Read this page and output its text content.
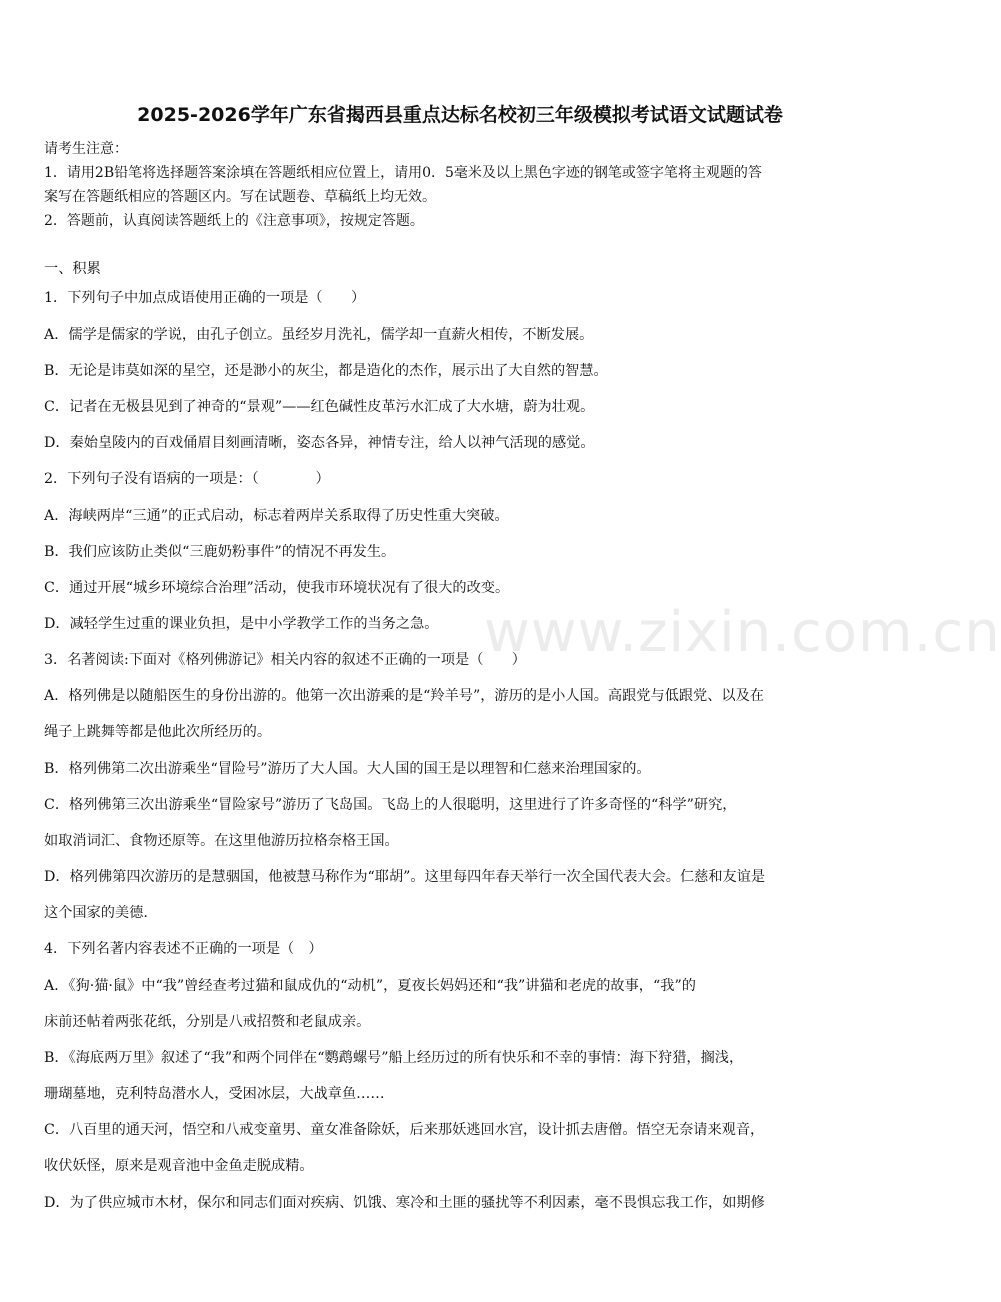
2025-2026学年广东省揭西县重点达标名校初三年级模拟考试语文试题试卷
请考生注意：
1．请用2B铅笔将选择题答案涂填在答题纸相应位置上，请用0．5毫米及以上黑色字迹的钢笔或签字笔将主观题的答
案写在答题纸相应的答题区内。写在试题卷、草稿纸上均无效。
2．答题前，认真阅读答题纸上的《注意事项》，按规定答题。
一、积累
1．下列句子中加点成语使用正确的一项是（　　）
A．儒学是儒家的学说，由孔子创立。虽经岁月洗礼，儒学却一直薪火相传，不断发展。
B．无论是讳莫如深的星空，还是渺小的灰尘，都是造化的杰作，展示出了大自然的智慧。
C．记者在无极县见到了神奇的“景观”——红色碱性皮革污水汇成了大水塘，蔚为壮观。
D．秦始皇陵内的百戏俑眉目刻画清晰，姿态各异，神情专注，给人以神气活现的感觉。
2．下列句子没有语病的一项是：（　　　　）
A．海峡两岸“三通”的正式启动，标志着两岸关系取得了历史性重大突破。
B．我们应该防止类似“三鹿奶粉事件”的情况不再发生。
C．通过开展“城乡环境综合治理”活动，使我市环境状况有了很大的改变。
D．减轻学生过重的课业负担，是中小学教学工作的当务之急。
3．名著阅读:下面对《格列佛游记》相关内容的叙述不正确的一项是（　　）
A．格列佛是以随船医生的身份出游的。他第一次出游乘的是“羚羊号”，游历的是小人国。高跟党与低跟党、以及在
绳子上跳舞等都是他此次所经历的。
B．格列佛第二次出游乘坐“冒险号”游历了大人国。大人国的国王是以理智和仁慈来治理国家的。
C．格列佛第三次出游乘坐“冒险家号”游历了飞岛国。飞岛上的人很聪明，这里进行了许多奇怪的“科学”研究，
如取消词汇、食物还原等。在这里他游历拉格奈格王国。
D．格列佛第四次游历的是慧骃国，他被慧马称作为“耶胡”。这里每四年春天举行一次全国代表大会。仁慈和友谊是
这个国家的美德.
4．下列名著内容表述不正确的一项是（　）
A．《狗·猫·鼠》中“我”曾经查考过猫和鼠成仇的“动机”，夏夜长妈妈还和“我”讲猫和老虎的故事，“我”的
床前还帖着两张花纸，分别是八戒招赘和老鼠成亲。
B．《海底两万里》叙述了“我”和两个同伴在“鹦鹉螺号”船上经历过的所有快乐和不幸的事情：海下狩猎，搁浅，
珊瑚墓地，克利特岛潜水人，受困冰层，大战章鱼……
C．八百里的通天河，悟空和八戒变童男、童女准备除妖，后来那妖逃回水宫，设计抓去唐僧。悟空无奈请来观音，
收伏妖怪，原来是观音池中金鱼走脱成精。
D．为了供应城市木材，保尔和同志们面对疾病、饥饿、寒冷和土匪的骚扰等不利因素，毫不畏惧忘我工作，如期修
www.zixin.com.cn
